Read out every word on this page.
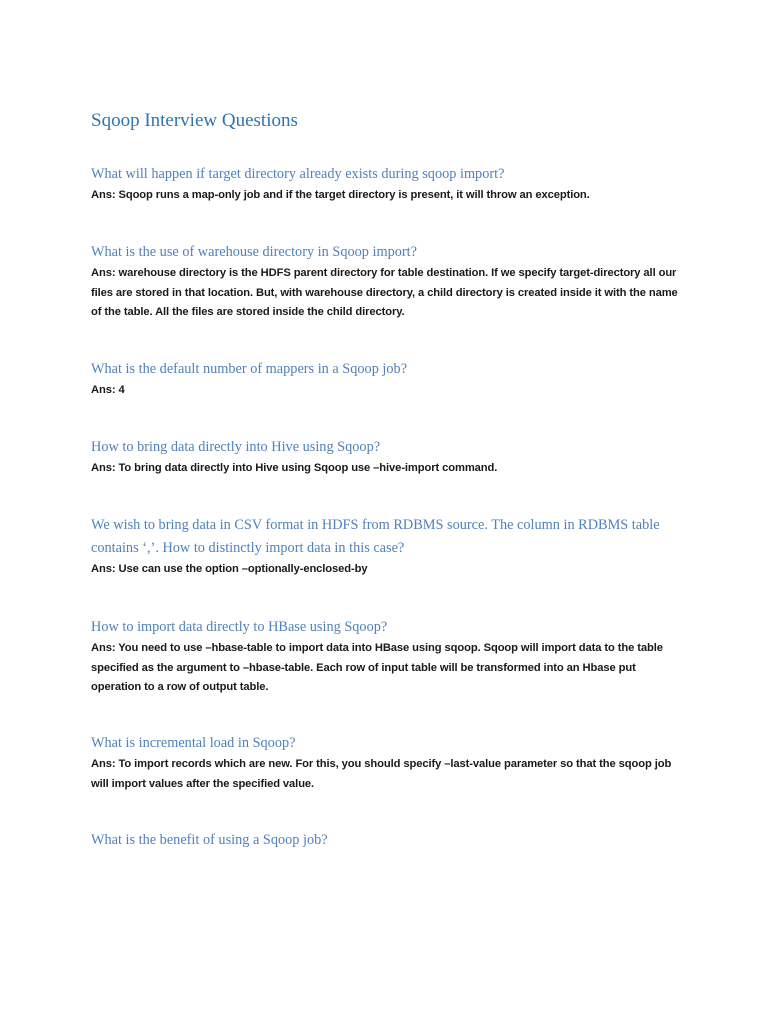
Sqoop Interview Questions

What will happen if target directory already exists during sqoop import?

Ans: Sqoop runs a map-only job and if the target directory is present, it will throw an exception.

What is the use of warehouse directory in Sqoop import?

Ans: warehouse directory is the HDFS parent directory for table destination. If we specify target-directory all our files are stored in that location. But, with warehouse directory, a child directory is created inside it with the name of the table. All the files are stored inside the child directory.

What is the default number of mappers in a Sqoop job?

Ans: 4

How to bring data directly into Hive using Sqoop?

Ans: To bring data directly into Hive using Sqoop use –hive-import command.

We wish to bring data in CSV format in HDFS from RDBMS source. The column in RDBMS table contains ‘,’. How to distinctly import data in this case?

Ans: Use can use the option –optionally-enclosed-by

How to import data directly to HBase using Sqoop?

Ans: You need to use –hbase-table to import data into HBase using sqoop. Sqoop will import data to the table specified as the argument to –hbase-table. Each row of input table will be transformed into an Hbase put operation to a row of output table.

What is incremental load in Sqoop?

Ans: To import records which are new. For this, you should specify –last-value parameter so that the sqoop job will import values after the specified value.

What is the benefit of using a Sqoop job?
